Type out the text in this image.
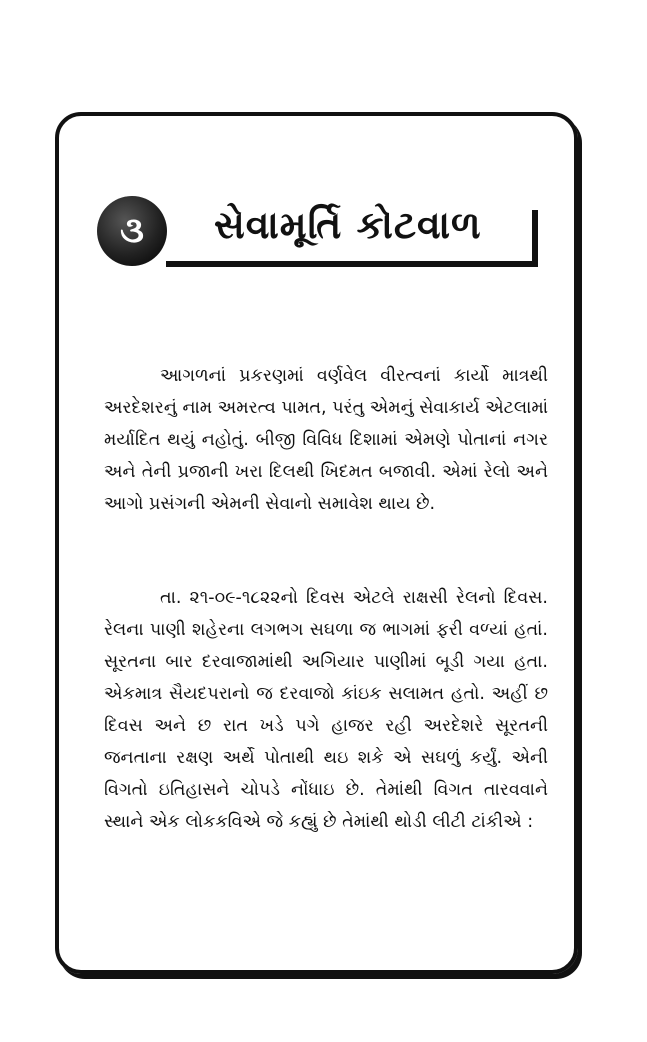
૩ સેવામૂર્તિ કોટવાળ

આગળનાં પ્રકરણમાં વર્ણવેલ વીરત્વનાં કાર્યો માત્રથી અરદેશરનું નામ અમરત્વ પામત, પરંતુ એમનું સેવાકાર્ય એટલામાં મર્યાદિત થયું નહોતું. બીજી વિવિધ દિશામાં એમણે પોતાનાં નગર અને તેની પ્રજાની ખરા દિલથી ખિદમત બજાવી. એમાં રેલો અને આગો પ્રસંગની એમની સેવાનો સમાવેશ થાય છે.

તા. ૨૧-૦૯-૧૮૨૨નો દિવસ એટલે રાક્ષસી રેલનો દિવસ. રેલના પાણી શહેરના લગભગ સઘળા જ ભાગમાં ફરી વળ્યાં હતાં. સૂરતના બાર દરવાજામાંથી અગિયાર પાણીમાં બૂડી ગયા હતા. એકમાત્ર સૈયદપરાનો જ દરવાજો કાંઇક સલામત હતો. અહીં છ દિવસ અને છ રાત ખડે પગે હાજર રહી અરદેશરે સૂરતની જનતાના રક્ષણ અર્થે પોતાથી થઇ શકે એ સઘળું કર્યું. એની વિગતો ઇતિહાસને ચોપડે નોંધાઇ છે. તેમાંથી વિગત તારવવાને સ્થાને એક લોકકવિએ જે કહ્યું છે તેમાંથી થોડી લીટી ટાંકીએ :
